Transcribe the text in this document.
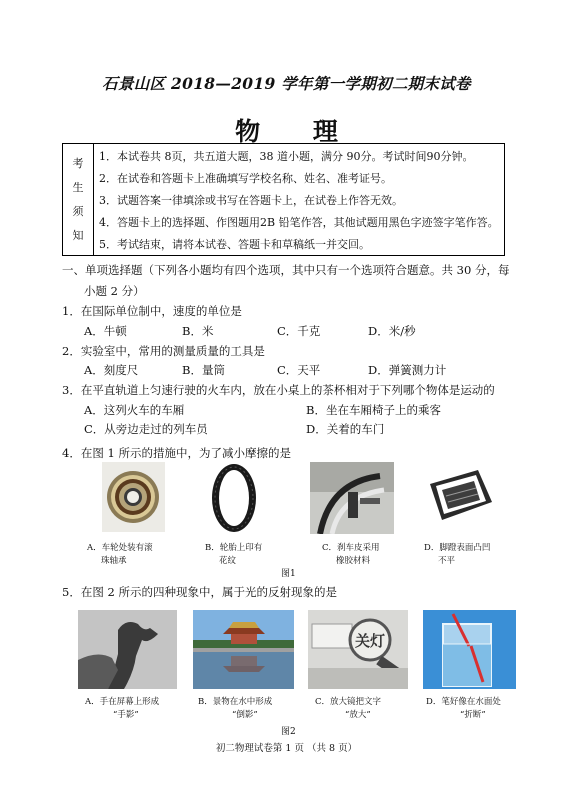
石景山区 2018—2019 学年第一学期初二期末试卷
物 理
考
生
须
知
1．本试卷共 8页，共五道大题，38 道小题，满分 90分。考试时间90分钟。
2．在试卷和答题卡上准确填写学校名称、姓名、准考证号。
3．试题答案一律填涂或书写在答题卡上，在试卷上作答无效。
4．答题卡上的选择题、作图题用2B 铅笔作答，其他试题用黑色字迹签字笔作答。
5．考试结束，请将本试卷、答题卡和草稿纸一并交回。
一、单项选择题（下列各小题均有四个选项，其中只有一个选项符合题意。共 30 分，每
小题 2 分）
1．在国际单位制中，速度的单位是
A．牛顿	B．米	C．千克	D．米/秒
2．实验室中，常用的测量质量的工具是
A．刻度尺	B．量筒	C．天平	D．弹簧测力计
3．在平直轨道上匀速行驶的火车内，放在小桌上的茶杯相对于下列哪个物体是运动的
A．这列火车的车厢	B．坐在车厢椅子上的乘客
C．从旁边走过的列车员	D．关着的车门
4．在图 1 所示的措施中，为了减小摩擦的是
A．车轮处装有滚
珠轴承
B．轮胎上印有
花纹
C．刹车皮采用
橡胶材料
D．脚蹬表面凸凹
不平
图1
5．在图 2 所示的四种现象中，属于光的反射现象的是
关灯
A．手在屏幕上形成
“手影”
B．景物在水中形成
“倒影”
C．放大镜把文字
“放大”
D．笔好像在水面处
“折断”
图2
初二物理试卷第 1 页 （共 8 页）
